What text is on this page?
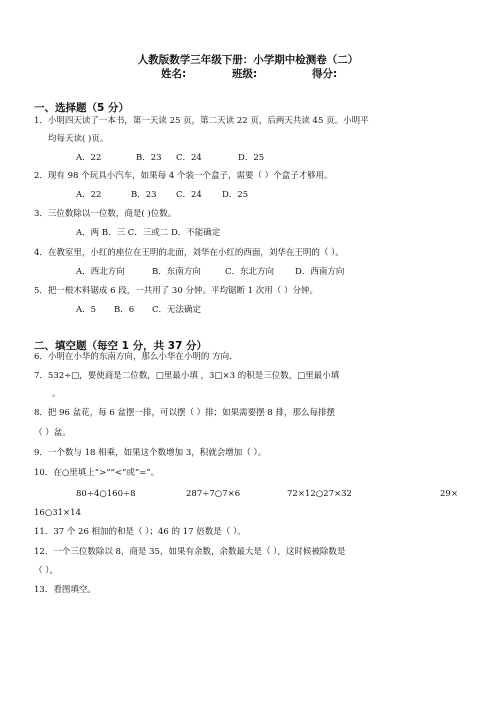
人教版数学三年级下册：小学期中检测卷（二）
姓名:	班级:	得分:
一、选择题（5 分）
1．小明四天读了一本书，第一天读 25 页，第二天读 22 页，后两天共读 45 页。小明平
均每天读( )页。
A．22	B．23 C．24	D．25
2．现有 98 个玩具小汽车，如果每 4 个装一个盒子，需要（ ）个盒子才够用。
A．22	B．23 C．24 D．25
3．三位数除以一位数，商是( )位数。
A．两 B．三 C．三或二 D．不能确定
4．在教室里，小红的座位在王明的北面，刘华在小红的西面，刘华在王明的（ ）。
A．西北方向	B．东南方向	C．东北方向 D．西南方向
5．把一根木料锯成 6 段，一共用了 30 分钟。平均锯断 1 次用（ ）分钟。
A．5 B．6 C．无法确定
二、填空题（每空 1 分，共 37 分）
6．小明在小华的东南方向，那么小华在小明的 方向．
7．532÷□，要使商是二位数，□里最小填 ，3□×3 的积是三位数，□里最小填
。
8．把 96 盆花，每 6 盆摆一排，可以摆（ ）排；如果需要摆 8 排，那么每排摆
（ ）盆。
9．一个数与 18 相乘，如果这个数增加 3，积就会增加（ ）。
10．在○里填上“>”“<”或“=”。
80÷4○160÷8	287÷7○7×6	72×12○27×32	29×
16○31×14
11．37 个 26 相加的和是（ ）；46 的 17 倍数是（ ）。
12．一个三位数除以 8，商是 35，如果有余数，余数最大是（ ），这时候被除数是
（ ）。
13．看图填空。
